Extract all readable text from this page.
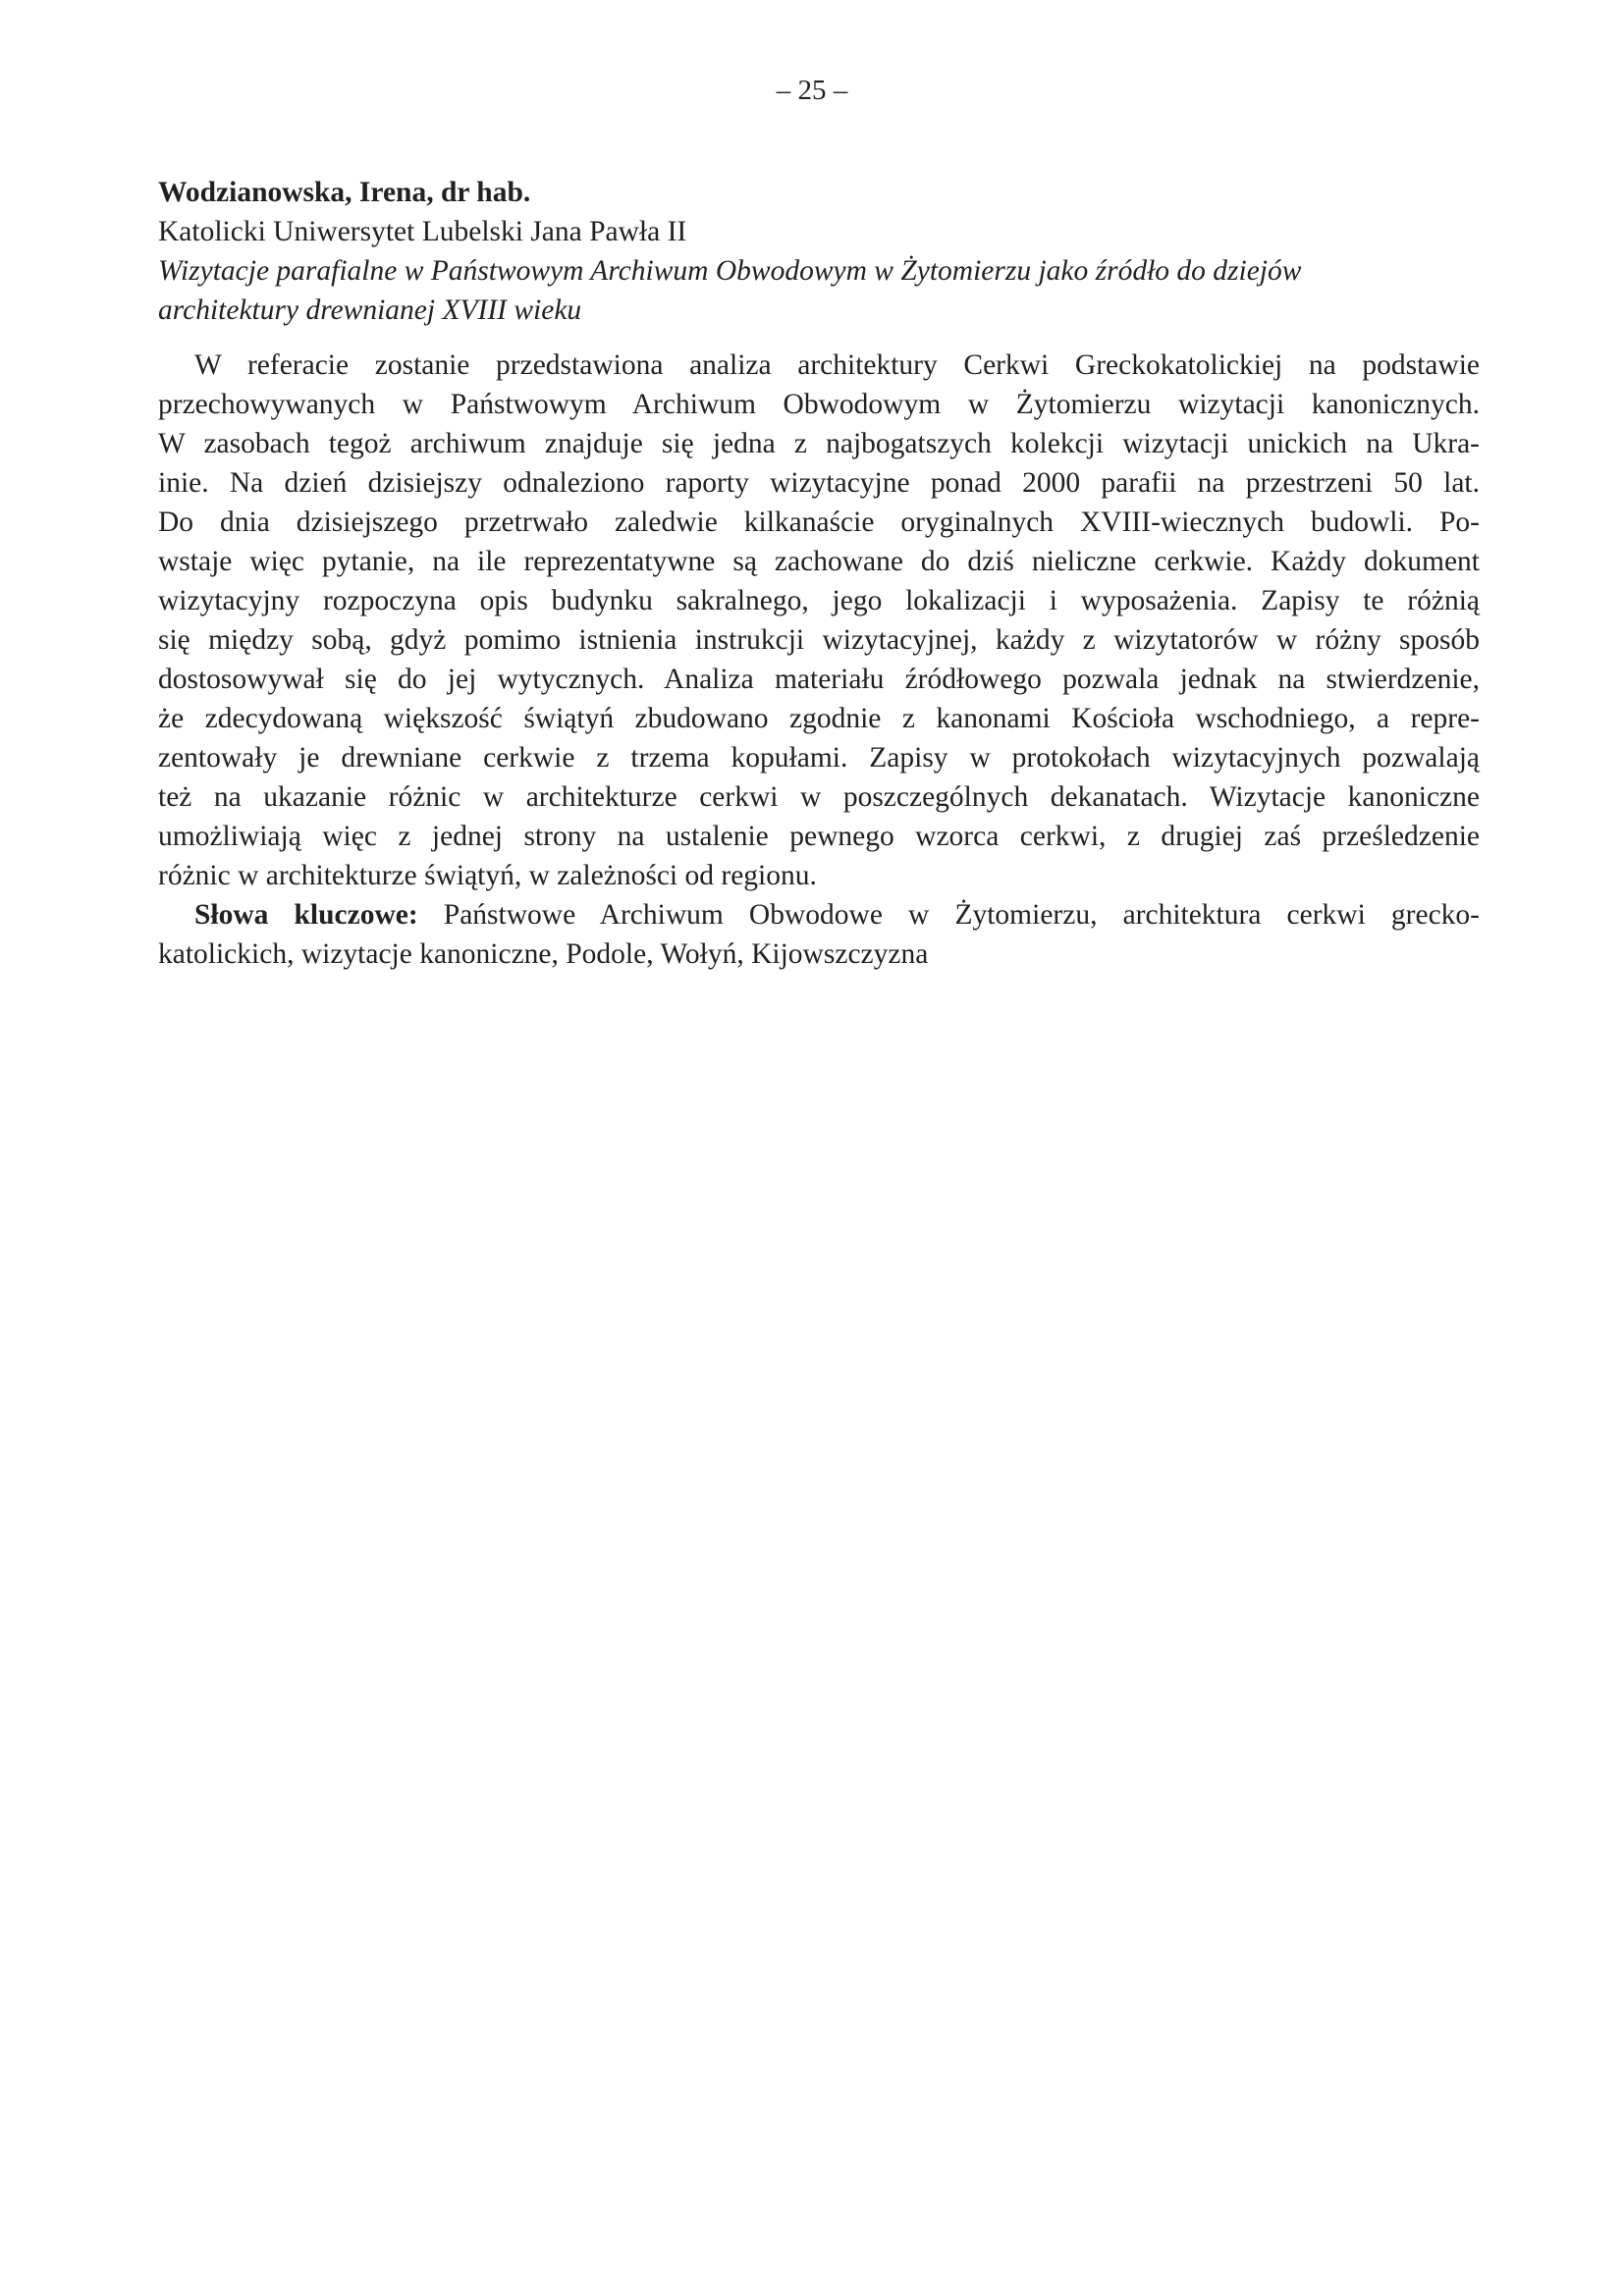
– 25 –

Wodzianowska, Irena, dr hab.

Katolicki Uniwersytet Lubelski Jana Pawła II

Wizytacje parafialne w Państwowym Archiwum Obwodowym w Żytomierzu jako źródło do dziejów
architektury drewnianej XVIII wieku

W referacie zostanie przedstawiona analiza architektury Cerkwi Greckokatolickiej na podstawie
przechowywanych w Państwowym Archiwum Obwodowym w Żytomierzu wizytacji kanonicznych.
W zasobach tegoż archiwum znajduje się jedna z najbogatszych kolekcji wizytacji unickich na Ukra-
inie. Na dzień dzisiejszy odnaleziono raporty wizytacyjne ponad 2000 parafii na przestrzeni 50 lat.
Do dnia dzisiejszego przetrwało zaledwie kilkanaście oryginalnych XVIII-wiecznych budowli. Po-
wstaje więc pytanie, na ile reprezentatywne są zachowane do dziś nieliczne cerkwie. Każdy dokument
wizytacyjny rozpoczyna opis budynku sakralnego, jego lokalizacji i wyposażenia. Zapisy te różnią
się między sobą, gdyż pomimo istnienia instrukcji wizytacyjnej, każdy z wizytatorów w różny sposób
dostosowywał się do jej wytycznych. Analiza materiału źródłowego pozwala jednak na stwierdzenie,
że zdecydowaną większość świątyń zbudowano zgodnie z kanonami Kościoła wschodniego, a repre-
zentowały je drewniane cerkwie z trzema kopułami. Zapisy w protokołach wizytacyjnych pozwalają
też na ukazanie różnic w architekturze cerkwi w poszczególnych dekanatach. Wizytacje kanoniczne
umożliwiają więc z jednej strony na ustalenie pewnego wzorca cerkwi, z drugiej zaś prześledzenie
różnic w architekturze świątyń, w zależności od regionu.

Słowa kluczowe: Państwowe Archiwum Obwodowe w Żytomierzu, architektura cerkwi grecko-
katolickich, wizytacje kanoniczne, Podole, Wołyń, Kijowszczyzna
